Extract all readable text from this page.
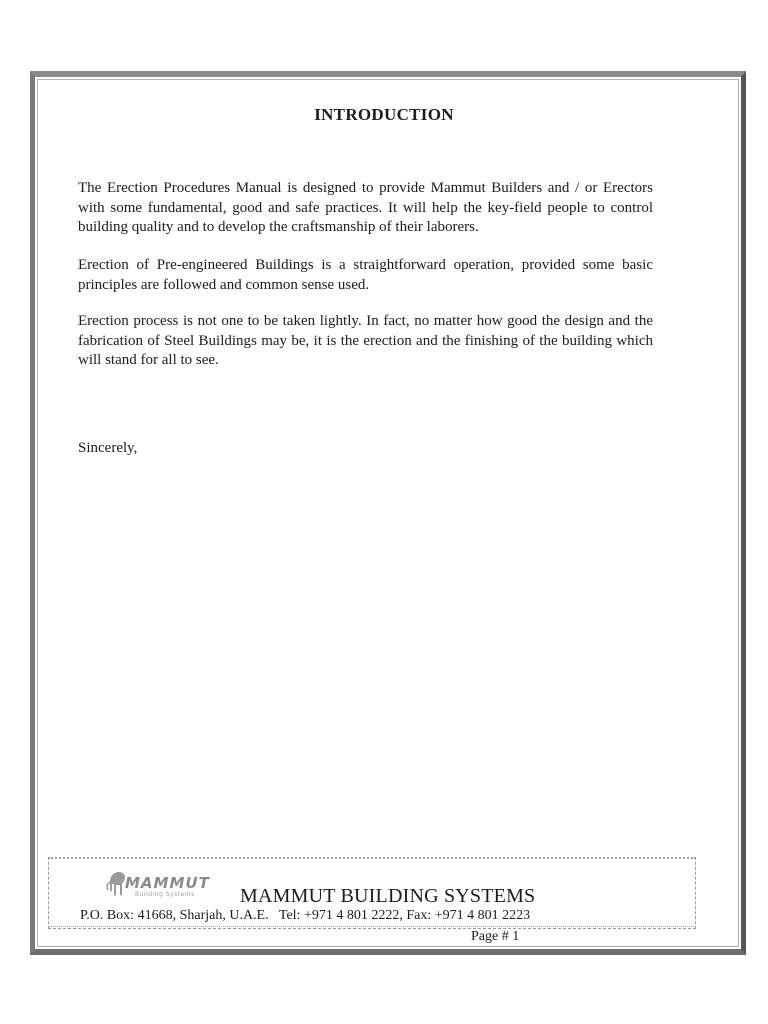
INTRODUCTION

The Erection Procedures Manual is designed to provide Mammut Builders and / or Erectors with some fundamental, good and safe practices. It will help the key-field people to control building quality and to develop the craftsmanship of their laborers.

Erection of Pre-engineered Buildings is a straightforward operation, provided some basic principles are followed and common sense used.

Erection process is not one to be taken lightly. In fact, no matter how good the design and the fabrication of Steel Buildings may be, it is the erection and the finishing of the building which will stand for all to see.

Sincerely,

MAMMUT
Building Systems MAMMUT BUILDING SYSTEMS

P.O. Box: 41668, Sharjah, U.A.E. Tel: +971 4 801 2222, Fax: +971 4 801 2223

Page # 1
